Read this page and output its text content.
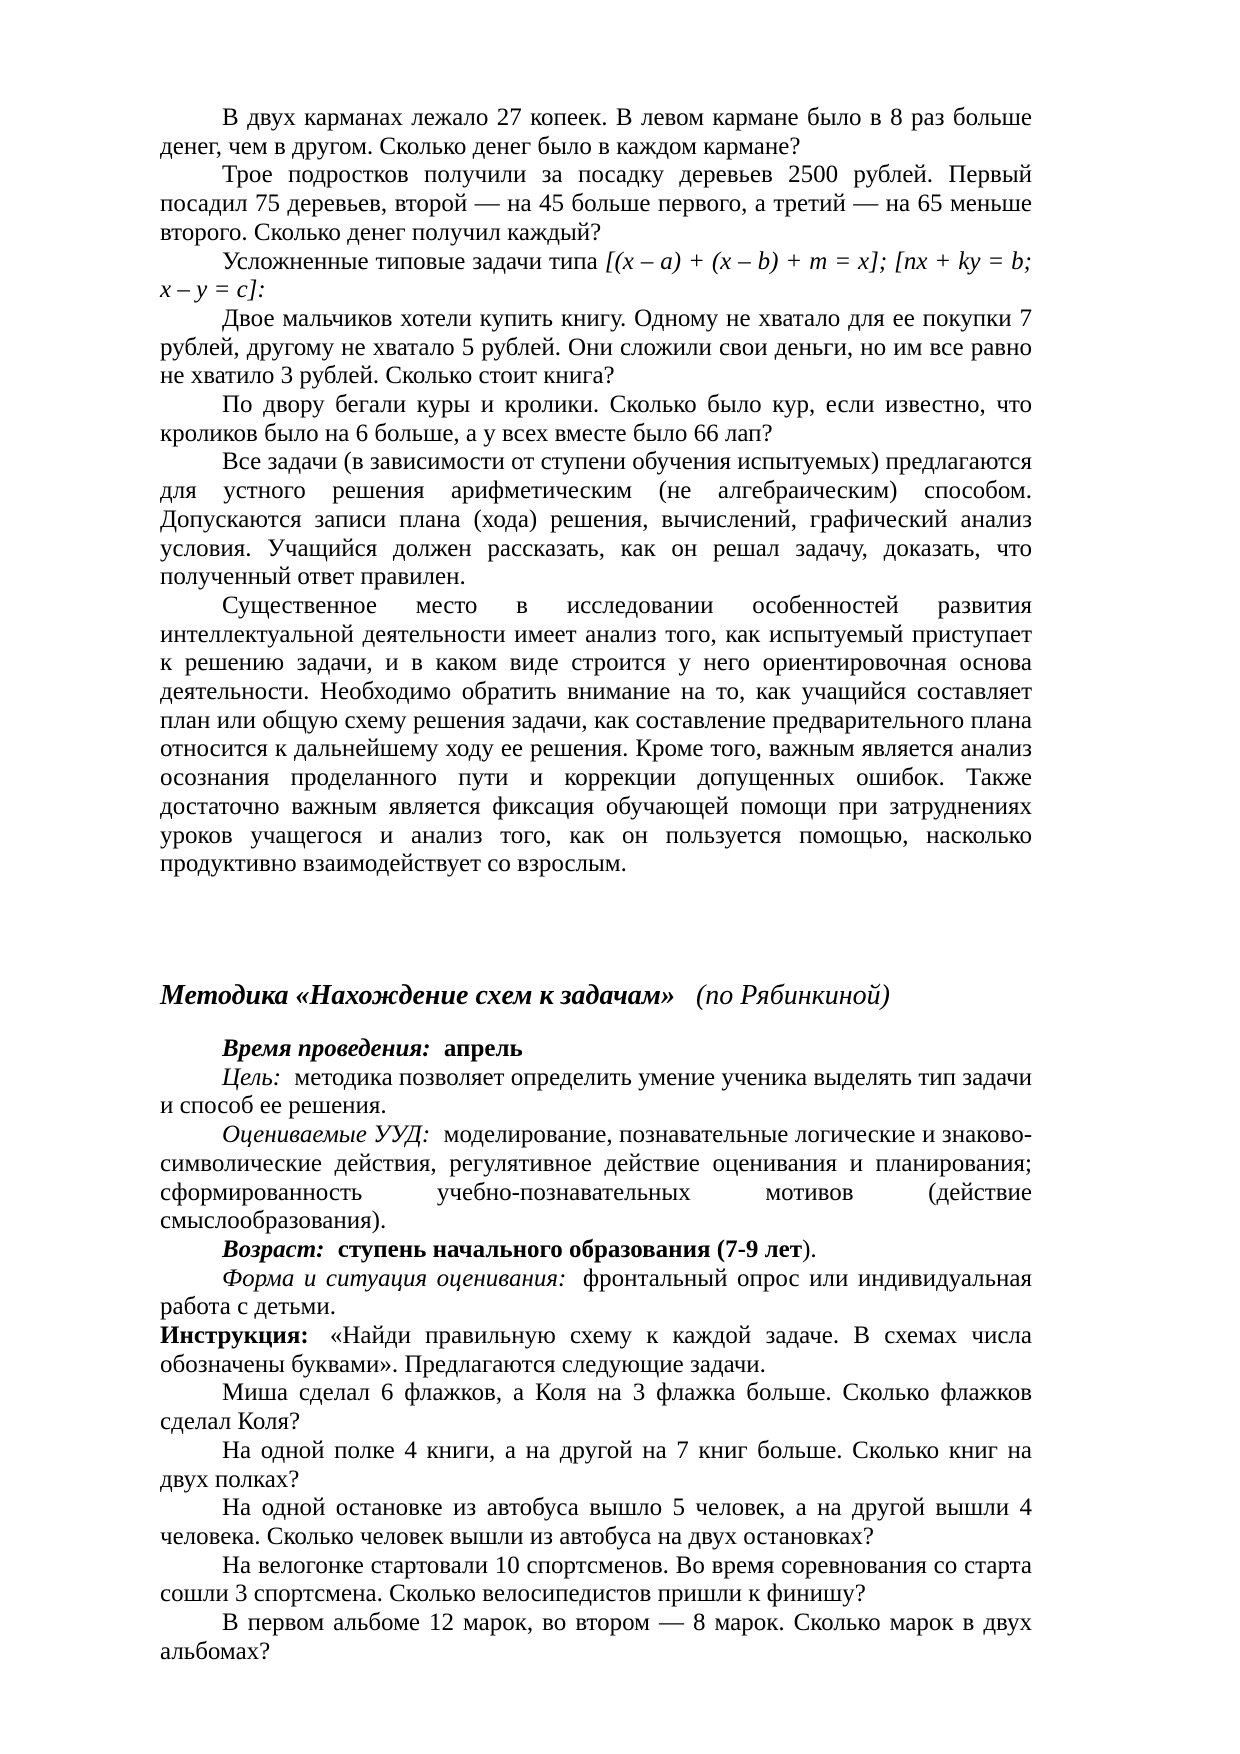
В двух карманах лежало 27 копеек. В левом кармане было в 8 раз больше денег, чем в другом. Сколько денег было в каждом кармане?

Трое подростков получили за посадку деревьев 2500 рублей. Первый посадил 75 деревьев, второй — на 45 больше первого, а третий — на 65 меньше второго. Сколько денег получил каждый?

Усложненные типовые задачи типа [(x – a) + (x – b) + m = x]; [nx + ky = b; x – y = c]:

Двое мальчиков хотели купить книгу. Одному не хватало для ее покупки 7 рублей, другому не хватало 5 рублей. Они сложили свои деньги, но им все равно не хватило 3 рублей. Сколько стоит книга?

По двору бегали куры и кролики. Сколько было кур, если известно, что кроликов было на 6 больше, а у всех вместе было 66 лап?

Все задачи (в зависимости от ступени обучения испытуемых) предлагаются для устного решения арифметическим (не алгебраическим) способом. Допускаются записи плана (хода) решения, вычислений, графический анализ условия. Учащийся должен рассказать, как он решал задачу, доказать, что полученный ответ правилен.

Существенное место в исследовании особенностей развития интеллектуальной деятельности имеет анализ того, как испытуемый приступает к решению задачи, и в каком виде строится у него ориентировочная основа деятельности. Необходимо обратить внимание на то, как учащийся составляет план или общую схему решения задачи, как составление предварительного плана относится к дальнейшему ходу ее решения. Кроме того, важным является анализ осознания проделанного пути и коррекции допущенных ошибок. Также достаточно важным является фиксация обучающей помощи при затруднениях уроков учащегося и анализ того, как он пользуется помощью, насколько продуктивно взаимодействует со взрослым.

Методика «Нахождение схем к задачам» (по Рябинкиной)

Время проведения: апрель

Цель: методика позволяет определить умение ученика выделять тип задачи и способ ее решения.

Оцениваемые УУД: моделирование, познавательные логические и знаково-символические действия, регулятивное действие оценивания и планирования; сформированность учебно-познавательных мотивов (действие смыслообразования).

Возраст: ступень начального образования (7-9 лет).

Форма и ситуация оценивания: фронтальный опрос или индивидуальная работа с детьми.

Инструкция: «Найди правильную схему к каждой задаче. В схемах числа обозначены буквами». Предлагаются следующие задачи.

Миша сделал 6 флажков, а Коля на 3 флажка больше. Сколько флажков сделал Коля?

На одной полке 4 книги, а на другой на 7 книг больше. Сколько книг на двух полках?

На одной остановке из автобуса вышло 5 человек, а на другой вышли 4 человека. Сколько человек вышли из автобуса на двух остановках?

На велогонке стартовали 10 спортсменов. Во время соревнования со старта сошли 3 спортсмена. Сколько велосипедистов пришли к финишу?

В первом альбоме 12 марок, во втором — 8 марок. Сколько марок в двух альбомах?
